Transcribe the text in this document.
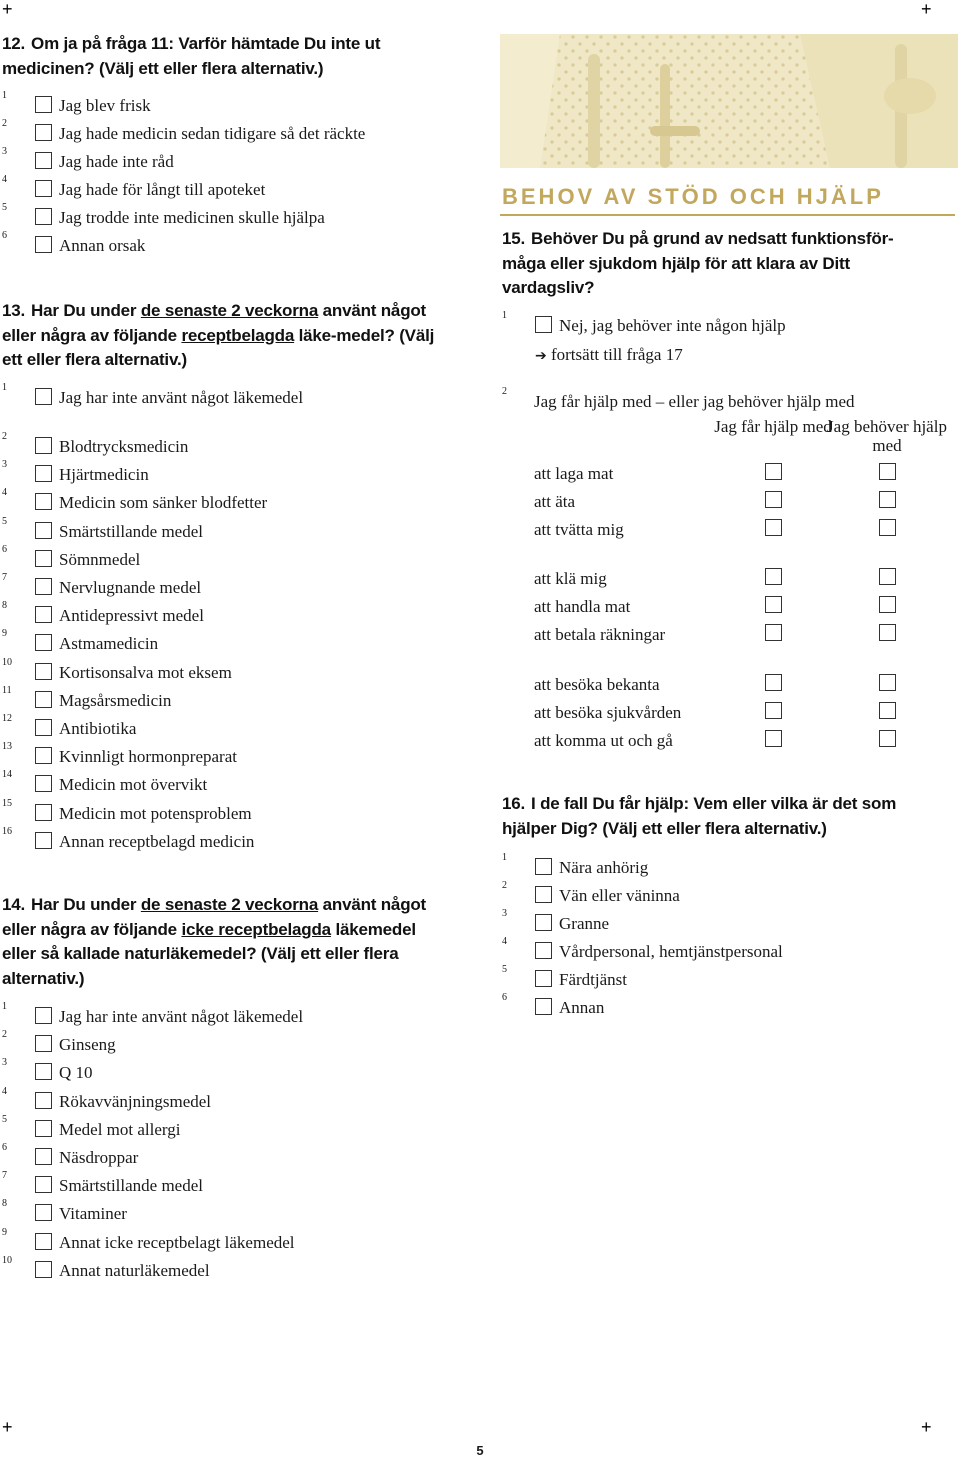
+	+
+	+
12. Om ja på fråga 11: Varför hämtade Du inte ut medicinen? (Välj ett eller flera alternativ.)
1
Jag blev frisk
2
Jag hade medicin sedan tidigare så det räckte
3
Jag hade inte råd
4
Jag hade för långt till apoteket
5
Jag trodde inte medicinen skulle hjälpa
6
Annan orsak
13. Har Du under de senaste 2 veckorna använt något eller några av följande receptbelagda läke-medel? (Välj ett eller flera alternativ.)
1
Jag har inte använt något läkemedel
2
Blodtrycksmedicin
3
Hjärtmedicin
4
Medicin som sänker blodfetter
5
Smärtstillande medel
6
Sömnmedel
7
Nervlugnande medel
8
Antidepressivt medel
9
Astmamedicin
10
Kortisonsalva mot eksem
11
Magsårsmedicin
12
Antibiotika
13
Kvinnligt hormonpreparat
14
Medicin mot övervikt
15
Medicin mot potensproblem
16
Annan receptbelagd medicin
14. Har Du under de senaste 2 veckorna använt något eller några av följande icke receptbelagda läkemedel eller så kallade naturläkemedel? (Välj ett eller flera alternativ.)
1
Jag har inte använt något läkemedel
2
Ginseng
3
Q 10
4
Rökavvänjningsmedel
5
Medel mot allergi
6
Näsdroppar
7
Smärtstillande medel
8
Vitaminer
9
Annat icke receptbelagt läkemedel
10
Annat naturläkemedel
BEHOV AV STÖD OCH HJÄLP
15. Behöver Du på grund av nedsatt funktionsför-måga eller sjukdom hjälp för att klara av Ditt vardagsliv?
1
Nej, jag behöver inte någon hjälp
➔ fortsätt till fråga 17
2
Jag får hjälp med – eller jag behöver hjälp med
Jag får hjälp med
Jag behöver hjälp med
att laga mat
att äta
att tvätta mig
att klä mig
att handla mat
att betala räkningar
att besöka bekanta
att besöka sjukvården
att komma ut och gå
16. I de fall Du får hjälp: Vem eller vilka är det som hjälper Dig? (Välj ett eller flera alternativ.)
1
Nära anhörig
2
Vän eller väninna
3
Granne
4
Vårdpersonal, hemtjänstpersonal
5
Färdtjänst
6
Annan
5
